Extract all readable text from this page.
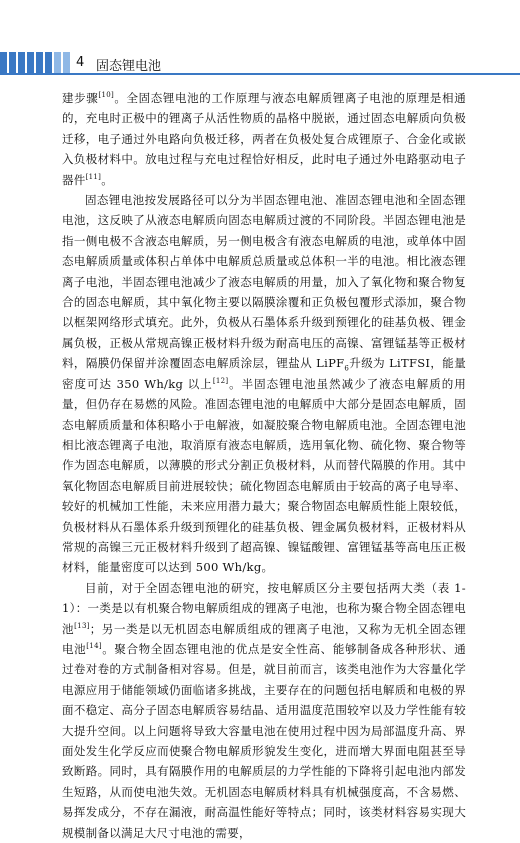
4 固态锂电池

建步骤[10]。全固态锂电池的工作原理与液态电解质锂离子电池的原理是相通的，充电时正极中的锂离子从活性物质的晶格中脱嵌，通过固态电解质向负极迁移，电子通过外电路向负极迁移，两者在负极处复合成锂原子、合金化或嵌入负极材料中。放电过程与充电过程恰好相反，此时电子通过外电路驱动电子器件[11]。

固态锂电池按发展路径可以分为半固态锂电池、准固态锂电池和全固态锂电池，这反映了从液态电解质向固态电解质过渡的不同阶段。半固态锂电池是指一侧电极不含液态电解质，另一侧电极含有液态电解质的电池，或单体中固态电解质质量或体积占单体中电解质总质量或总体积一半的电池。相比液态锂离子电池，半固态锂电池减少了液态电解质的用量，加入了氧化物和聚合物复合的固态电解质，其中氧化物主要以隔膜涂覆和正负极包覆形式添加，聚合物以框架网络形式填充。此外，负极从石墨体系升级到预锂化的硅基负极、锂金属负极，正极从常规高镍正极材料升级为耐高电压的高镍、富锂锰基等正极材料，隔膜仍保留并涂覆固态电解质涂层，锂盐从 LiPF$_6$升级为 LiTFSI，能量密度可达 350 Wh/kg 以上[12]。半固态锂电池虽然减少了液态电解质的用量，但仍存在易燃的风险。准固态锂电池的电解质中大部分是固态电解质，固态电解质质量和体积略小于电解液，如凝胶聚合物电解质电池。全固态锂电池相比液态锂离子电池，取消原有液态电解质，选用氧化物、硫化物、聚合物等作为固态电解质，以薄膜的形式分割正负极材料，从而替代隔膜的作用。其中氧化物固态电解质目前进展较快；硫化物固态电解质由于较高的离子电导率、较好的机械加工性能，未来应用潜力最大；聚合物固态电解质性能上限较低，负极材料从石墨体系升级到预锂化的硅基负极、锂金属负极材料，正极材料从常规的高镍三元正极材料升级到了超高镍、镍锰酸锂、富锂锰基等高电压正极材料，能量密度可以达到 500 Wh/kg。

目前，对于全固态锂电池的研究，按电解质区分主要包括两大类（表 1-1）：一类是以有机聚合物电解质组成的锂离子电池，也称为聚合物全固态锂电池[13]；另一类是以无机固态电解质组成的锂离子电池，又称为无机全固态锂电池[14]。聚合物全固态锂电池的优点是安全性高、能够制备成各种形状、通过卷对卷的方式制备相对容易。但是，就目前而言，该类电池作为大容量化学电源应用于储能领域仍面临诸多挑战，主要存在的问题包括电解质和电极的界面不稳定、高分子固态电解质容易结晶、适用温度范围较窄以及力学性能有较大提升空间。以上问题将导致大容量电池在使用过程中因为局部温度升高、界面处发生化学反应而使聚合物电解质形貌发生变化，进而增大界面电阻甚至导致断路。同时，具有隔膜作用的电解质层的力学性能的下降将引起电池内部发生短路，从而使电池失效。无机固态电解质材料具有机械强度高，不含易燃、易挥发成分，不存在漏液，耐高温性能好等特点；同时，该类材料容易实现大规模制备以满足大尺寸电池的需要，
